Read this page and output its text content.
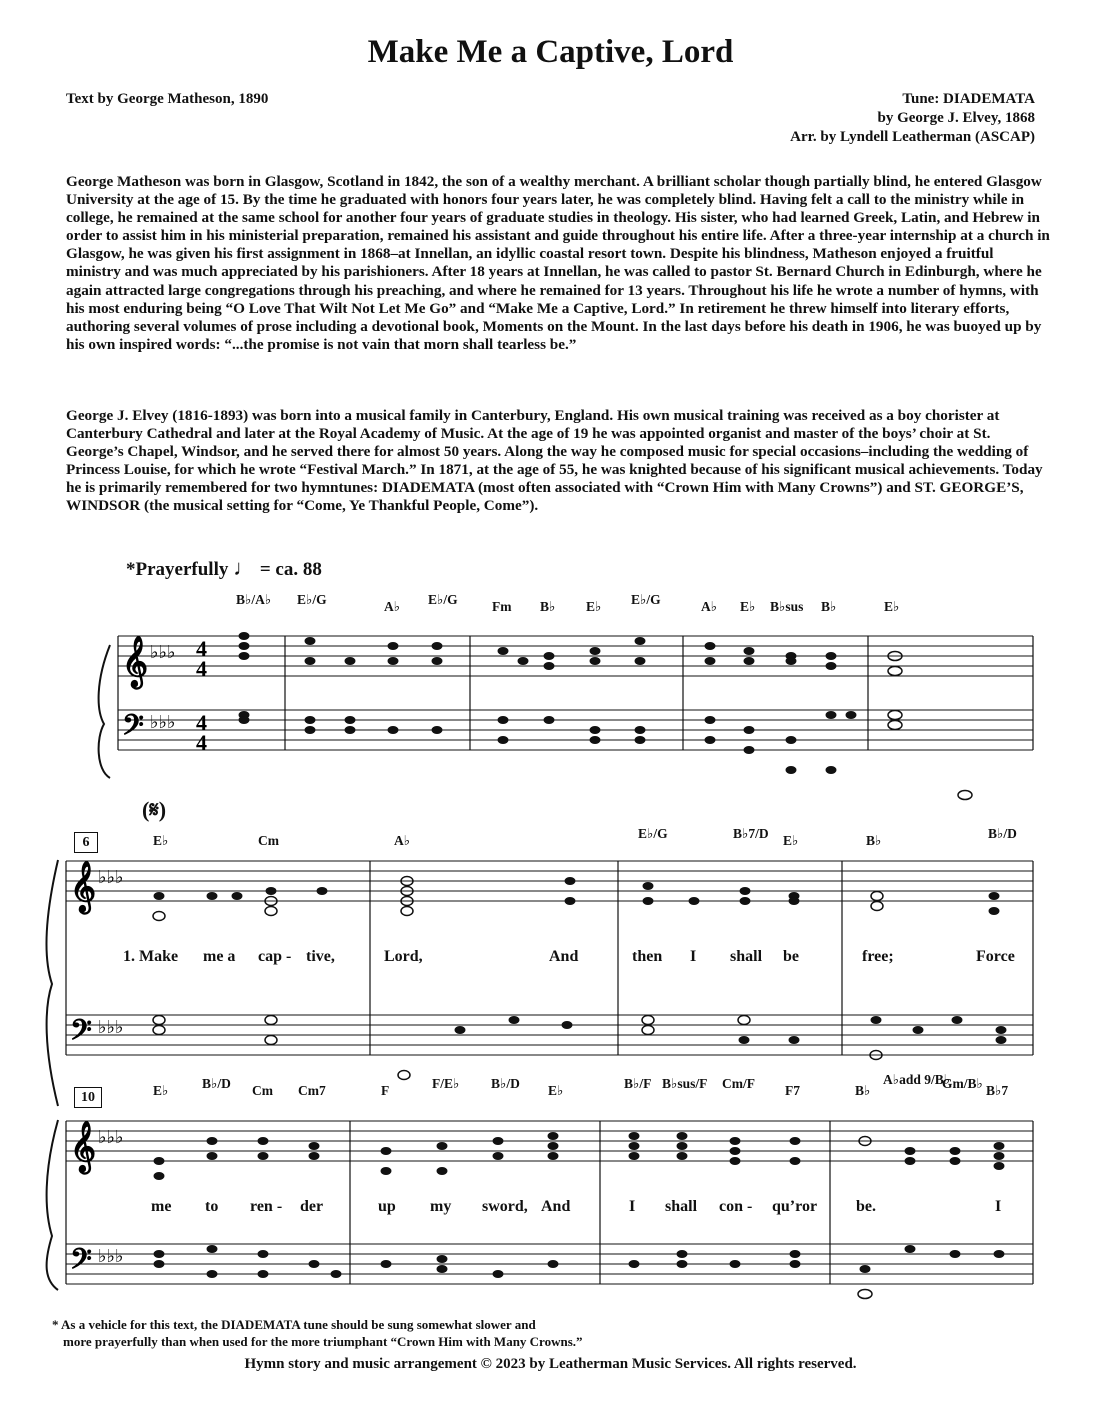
Make Me a Captive, Lord
Text by George Matheson, 1890	Tune: DIADEMATA
by George J. Elvey, 1868
Arr. by Lyndell Leatherman (ASCAP)

George Matheson was born in Glasgow, Scotland in 1842, the son of a wealthy merchant. A brilliant scholar though partially blind, he entered Glasgow University at the age of 15. By the time he graduated with honors four years later, he was completely blind. Having felt a call to the ministry while in college, he remained at the same school for another four years of graduate studies in theology. His sister, who had learned Greek, Latin, and Hebrew in order to assist him in his ministerial preparation, remained his assistant and guide throughout his entire life. After a three-year internship at a church in Glasgow, he was given his first assignment in 1868–at Innellan, an idyllic coastal resort town. Despite his blindness, Matheson enjoyed a fruitful ministry and was much appreciated by his parishioners. After 18 years at Innellan, he was called to pastor St. Bernard Church in Edinburgh, where he again attracted large congregations through his preaching, and where he remained for 13 years. Throughout his life he wrote a number of hymns, with his most enduring being “O Love That Wilt Not Let Me Go” and “Make Me a Captive, Lord.” In retirement he threw himself into literary efforts, authoring several volumes of prose including a devotional book, Moments on the Mount. In the last days before his death in 1906, he was buoyed up by his own inspired words: “...the promise is not vain that morn shall tearless be.”

George J. Elvey (1816-1893) was born into a musical family in Canterbury, England. His own musical training was received as a boy chorister at Canterbury Cathedral and later at the Royal Academy of Music. At the age of 19 he was appointed organist and master of the boys’ choir at St. George’s Chapel, Windsor, and he served there for almost 50 years. Along the way he composed music for special occasions–including the wedding of Princess Louise, for which he wrote “Festival March.” In 1871, at the age of 55, he was knighted because of his significant musical achievements. Today he is primarily remembered for two hymntunes: DIADEMATA (most often associated with “Crown Him with Many Crowns”) and ST. GEORGE’S, WINDSOR (the musical setting for “Come, Ye Thankful People, Come”).

*Prayerfully ♩ = ca. 88
𝄞
𝄢
♭♭♭
♭♭♭
4
4
4
4
𝄞
𝄢
♭♭♭
♭♭♭
𝄞
𝄢
♭♭♭
♭♭♭
B♭/A♭ E♭/G	A♭ E♭/G	Fm B♭ E♭ E♭/G	A♭ E♭ B♭sus B♭	E♭
E♭	Cm	A♭	E♭/G	B♭7/D E♭	B♭	B♭/D
E♭ B♭/D Cm Cm7	F	F/E♭ B♭/D E♭	B♭/F B♭sus/F Cm/F F7	B♭
A♭add 9/B♭
Gm/B♭ B♭7
(𝄋)
6
10
1. Make me a cap - tive,	Lord,	And	then I shall be	free;	Force
me to ren - der	up my sword, And	I shall con - qu’ror be.	I
* As a vehicle for this text, the DIADEMATA tune should be sung somewhat slower and
more prayerfully than when used for the more triumphant “Crown Him with Many Crowns.”
Hymn story and music arrangement © 2023 by Leatherman Music Services. All rights reserved.
